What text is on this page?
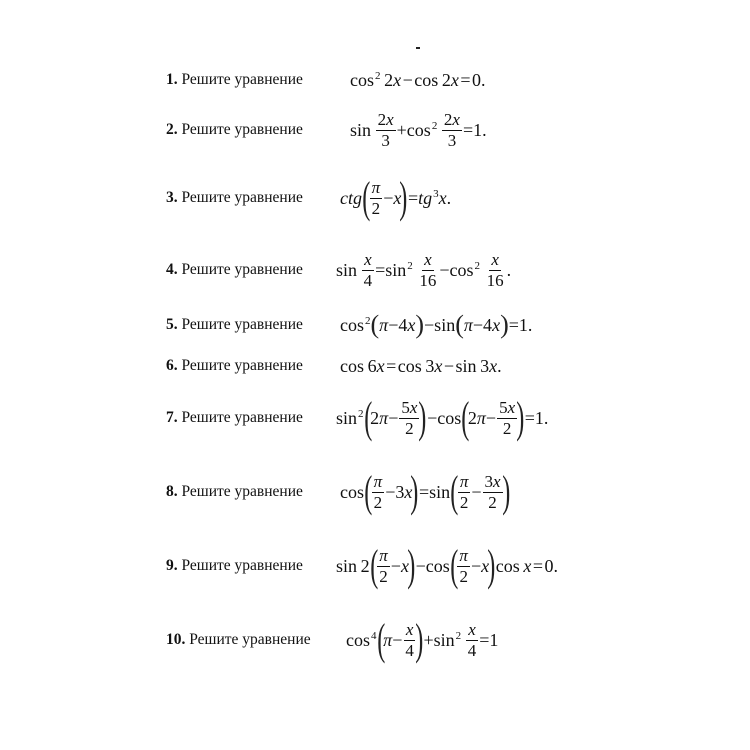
1. Решите уравнение	$\cos^2 2$ x  − cos 2 x  = 0.
2. Решите уравнение	$\sin \frac{2x}{3} +\cos^2$
  $\frac{2x}{3} =1$.
3. Решите уравнение ctg ( $\frac{\pi}{2} - x$
) = $tg^3$ x .
4. Решите уравнение $\sin \frac{x}{4} =\sin^2$
  $\frac{x}{16} -\cos^2$
  $\frac{x}{16}$ .
5. Решите уравнение $\cos^2$ ( π −4 x ) −sin ( π −4 x ) =1.
6. Решите уравнение cos 6 x  = cos 3 x  − sin 3 x .
7. Решите уравнение $\sin^2$ (
2 $\pi - \frac{5x}{2}$ ) −cos (
2 $\pi - \frac{5x}{2}$ ) =1.
8. Решите уравнение cos ( $\frac{\pi}{2} -3$ x
) =sin ( $\frac{\pi}{2} - \frac{3x}{2}$ )
9. Решите уравнение sin 2 ( $\frac{\pi}{2} - x$
) −cos ( $\frac{\pi}{2} - x$
) cos  x  = 0.
10. Решите уравнение $\cos^4$ (
$\pi - \frac{x}{4}$ ) $+\sin^2$
  $\frac{x}{4} =1$
